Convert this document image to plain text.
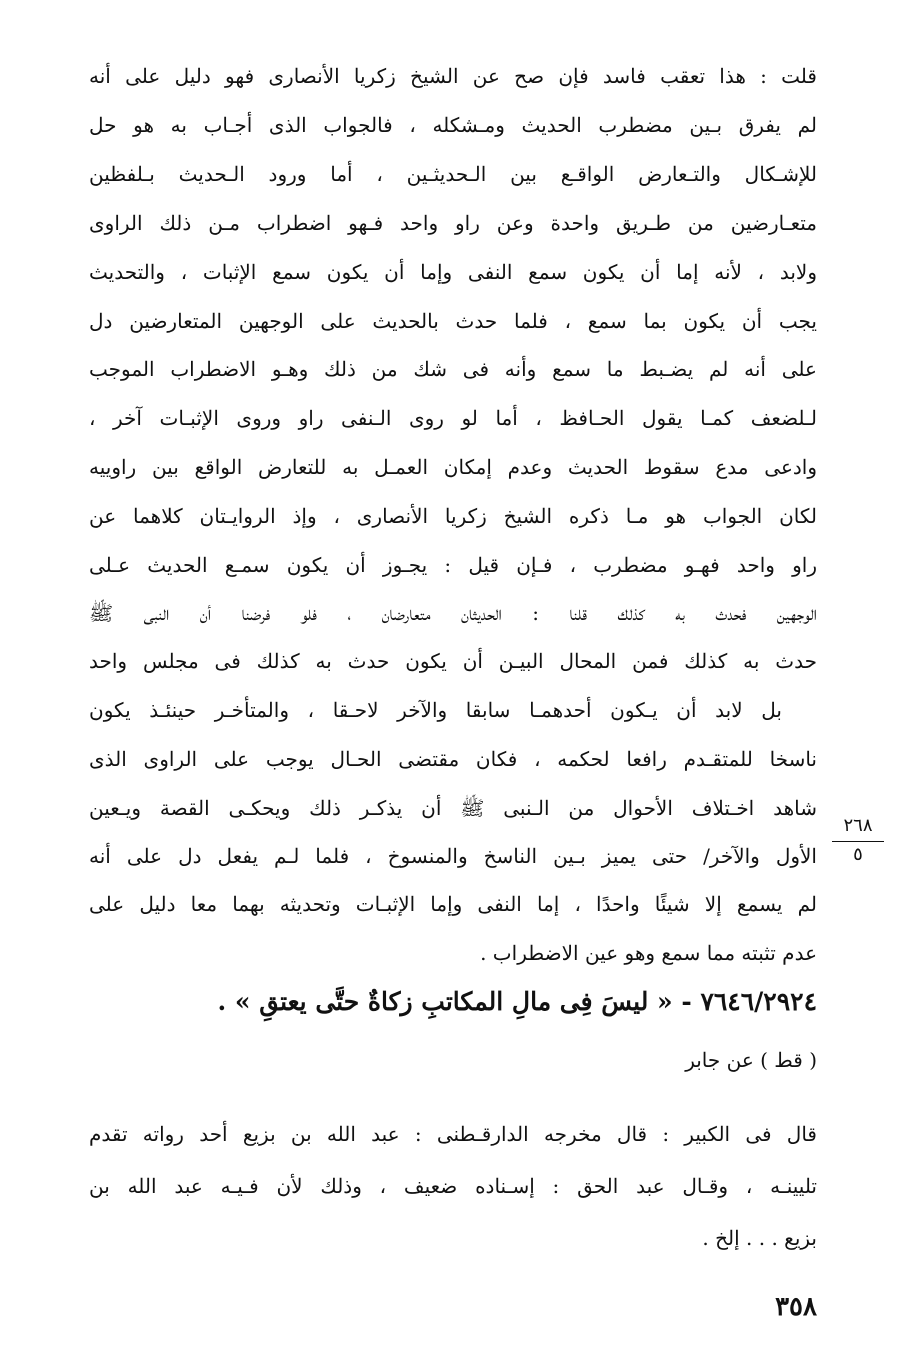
قلت : هذا تعقب فاسد فإن صح عن الشيخ زكريا الأنصارى فهو دليل على أنه
لم يفرق بـين مضطرب الحديث ومـشكله ، فالجواب الذى أجـاب به هو حل
للإشـكال والتـعارض الواقـع بين الـحديثـين ، أما ورود الـحديث بـلفظين
متعـارضين من طـريق واحدة وعن راو واحد فـهو اضطراب مـن ذلك الراوى
ولابد ، لأنه إما أن يكون سمع النفى وإما أن يكون سمع الإثبات ، والتحديث
يجب أن يكون بما سمع ، فلما حدث بالحديث على الوجهين المتعارضين دل
على أنه لم يضـبط ما سمع وأنه فى شك من ذلك وهـو الاضطراب الموجب
لـلضعف كمـا يقول الحـافظ ، أما لو روى الـنفى راو وروى الإثبـات آخر ،
وادعى مدع سقوط الحديث وعدم إمكان العمـل به للتعارض الواقع بين راوييه
لكان الجواب هو مـا ذكره الشيخ زكريا الأنصارى ، وإذ الروايـتان كلاهما عن
راو واحد فهـو مضطرب ، فـإن قيل : يجـوز أن يكون سمـع الحديث عـلى
الوجهين فحدث به كذلك قلنا : الحديثان متعارضان ، فلو فرضنا أن النبى ﷺ
حدث به كذلك فمن المحال البيـن أن يكون حدث به كذلك فى مجلس واحد
بل لابد أن يـكون أحدهمـا سابقا والآخر لاحـقا ، والمتأخـر حينئـذ يكون
ناسخا للمتقـدم رافعا لحكمه ، فكان مقتضى الحـال يوجب على الراوى الذى
شاهد اخـتلاف الأحوال من الـنبى ﷺ أن يذكـر ذلك ويحكـى القصة ويـعين
الأول والآخر/ حتى يميز بـين الناسخ والمنسوخ ، فلما لـم يفعل دل على أنه
لم يسمع إلا شيئًا واحدًا ، إما النفى وإما الإثبـات وتحديثه بهما معا دليل على
عدم تثبته مما سمع وهو عين الاضطراب .
٧٦٤٦/٢٩٢٤ - « ليسَ فِى مالِ المكاتبِ زكاةٌ حتَّى يعتقِ » .
( قط ) عن جابر
قال فى الكبير : قال مخرجه الدارقـطنى : عبد الله بن بزيع أحد رواته تقدم
تليينـه ، وقـال عبد الحق : إسـناده ضعيف ، وذلك لأن فـيـه عبد الله بن
بزيع . . . إلخ .
٢٦٨
٥
٣٥٨
